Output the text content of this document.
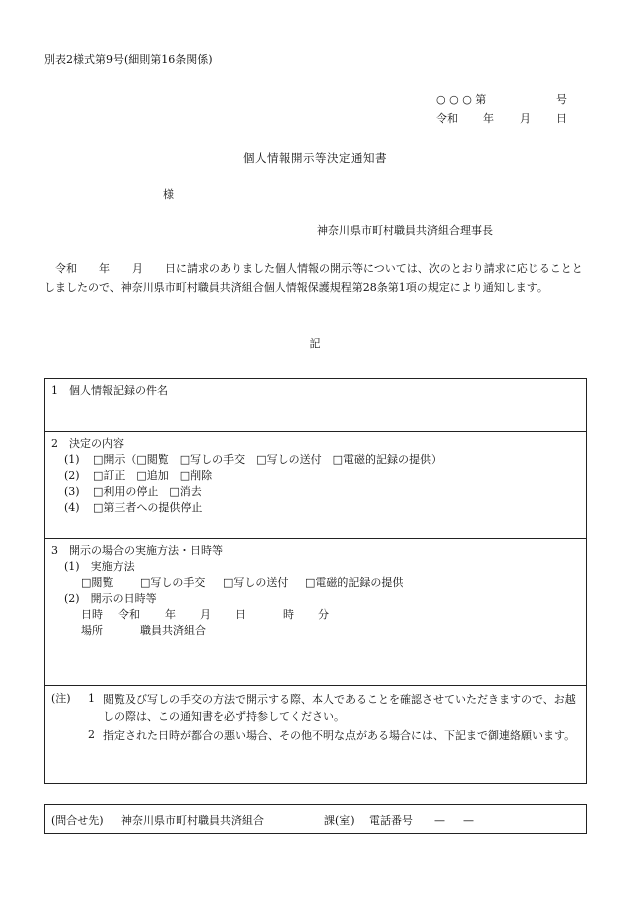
別表2様式第9号(細則第16条関係)
○ ○ ○ 第	号
令和 年 月 日
個人情報開示等決定通知書
様
神奈川県市町村職員共済組合理事長
令和　　年　　月　　日に請求のありました個人情報の開示等については、次のとおり請求に応じることとしましたので、神奈川県市町村職員共済組合個人情報保護規程第28条第1項の規定により通知します。
記
1　個人情報記録の件名
2　決定の内容
(1) □開示（□閲覧　□写しの手交　□写しの送付　□電磁的記録の提供）
(2) □訂正　□追加　□削除
(3) □利用の停止　□消去
(4) □第三者への提供停止
3　開示の場合の実施方法・日時等
(1)　実施方法
□閲覧 □写しの手交 □写しの送付 □電磁的記録の提供
(2)　開示の日時等
日時 令和 年 月 日	時 分
場所	職員共済組合
(注) 1 閲覧及び写しの手交の方法で開示する際、本人であることを確認させていただきますので、お越しの際は、この通知書を必ず持参してください。
2 指定された日時が都合の悪い場合、その他不明な点がある場合には、下記まで御連絡願います。
(問合せ先) 神奈川県市町村職員共済組合	課(室) 電話番号 — —
